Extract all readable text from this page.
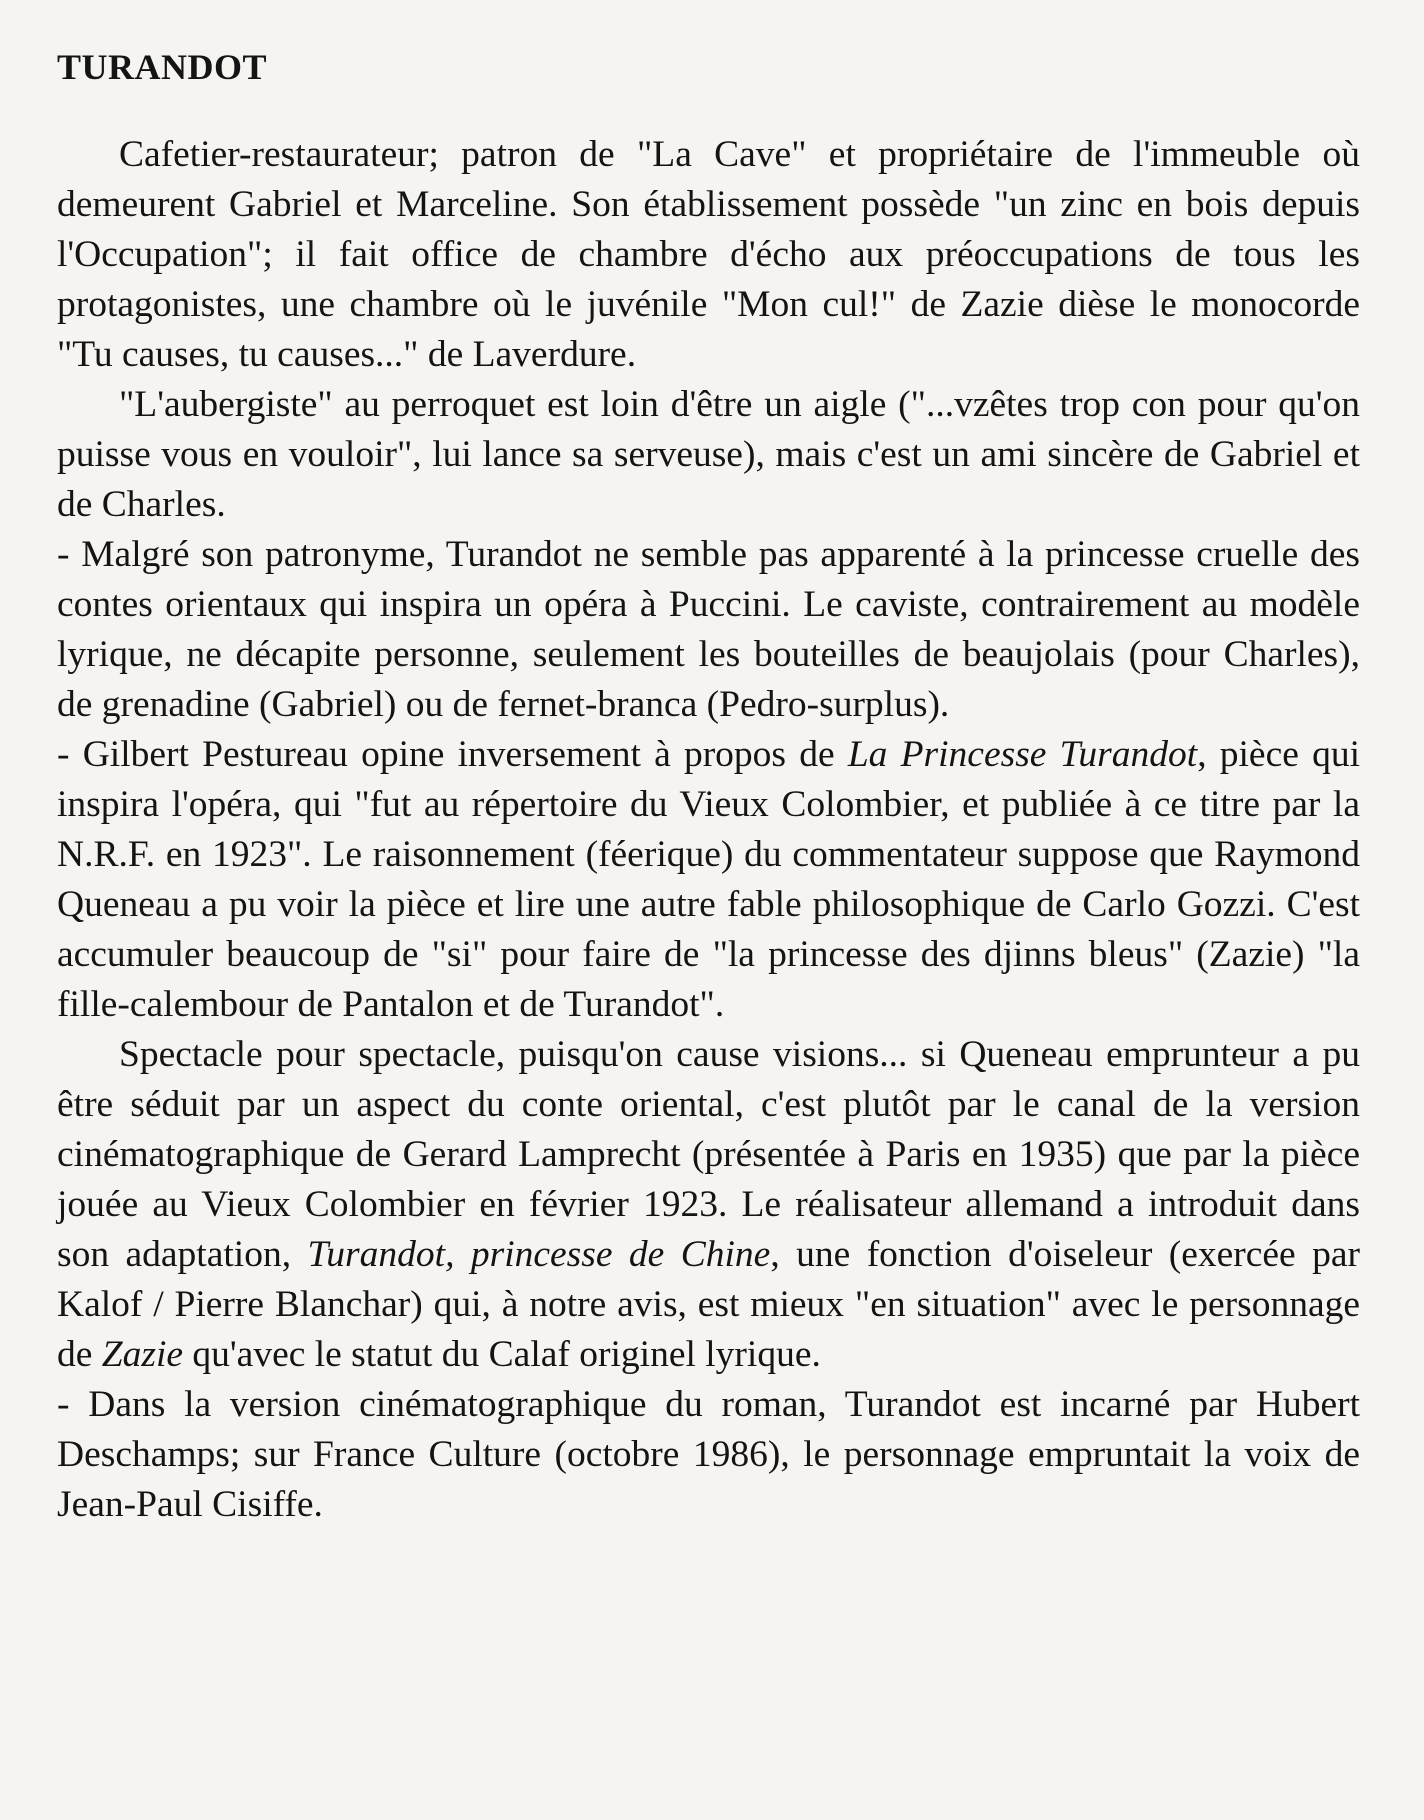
TURANDOT

Cafetier-restaurateur; patron de "La Cave" et propriétaire de l'immeuble où demeurent Gabriel et Marceline. Son établissement possède "un zinc en bois depuis l'Occupation"; il fait office de chambre d'écho aux préoccupations de tous les protagonistes, une chambre où le juvénile "Mon cul!" de Zazie dièse le monocorde "Tu causes, tu causes..." de Laverdure.

"L'aubergiste" au perroquet est loin d'être un aigle ("...vzêtes trop con pour qu'on puisse vous en vouloir", lui lance sa serveuse), mais c'est un ami sincère de Gabriel et de Charles.

- Malgré son patronyme, Turandot ne semble pas apparenté à la princesse cruelle des contes orientaux qui inspira un opéra à Puccini. Le caviste, contrairement au modèle lyrique, ne décapite personne, seulement les bouteilles de beaujolais (pour Charles), de grenadine (Gabriel) ou de fernet-branca (Pedro-surplus).

- Gilbert Pestureau opine inversement à propos de La Princesse Turandot, pièce qui inspira l'opéra, qui "fut au répertoire du Vieux Colombier, et publiée à ce titre par la N.R.F. en 1923". Le raisonnement (féerique) du commentateur suppose que Raymond Queneau a pu voir la pièce et lire une autre fable philosophique de Carlo Gozzi. C'est accumuler beaucoup de "si" pour faire de "la princesse des djinns bleus" (Zazie) "la fille-calembour de Pantalon et de Turandot".

Spectacle pour spectacle, puisqu'on cause visions... si Queneau emprunteur a pu être séduit par un aspect du conte oriental, c'est plutôt par le canal de la version cinématographique de Gerard Lamprecht (présentée à Paris en 1935) que par la pièce jouée au Vieux Colombier en février 1923. Le réalisateur allemand a introduit dans son adaptation, Turandot, princesse de Chine, une fonction d'oiseleur (exercée par Kalof / Pierre Blanchar) qui, à notre avis, est mieux "en situation" avec le personnage de Zazie qu'avec le statut du Calaf originel lyrique.

- Dans la version cinématographique du roman, Turandot est incarné par Hubert Deschamps; sur France Culture (octobre 1986), le personnage empruntait la voix de Jean-Paul Cisiffe.
